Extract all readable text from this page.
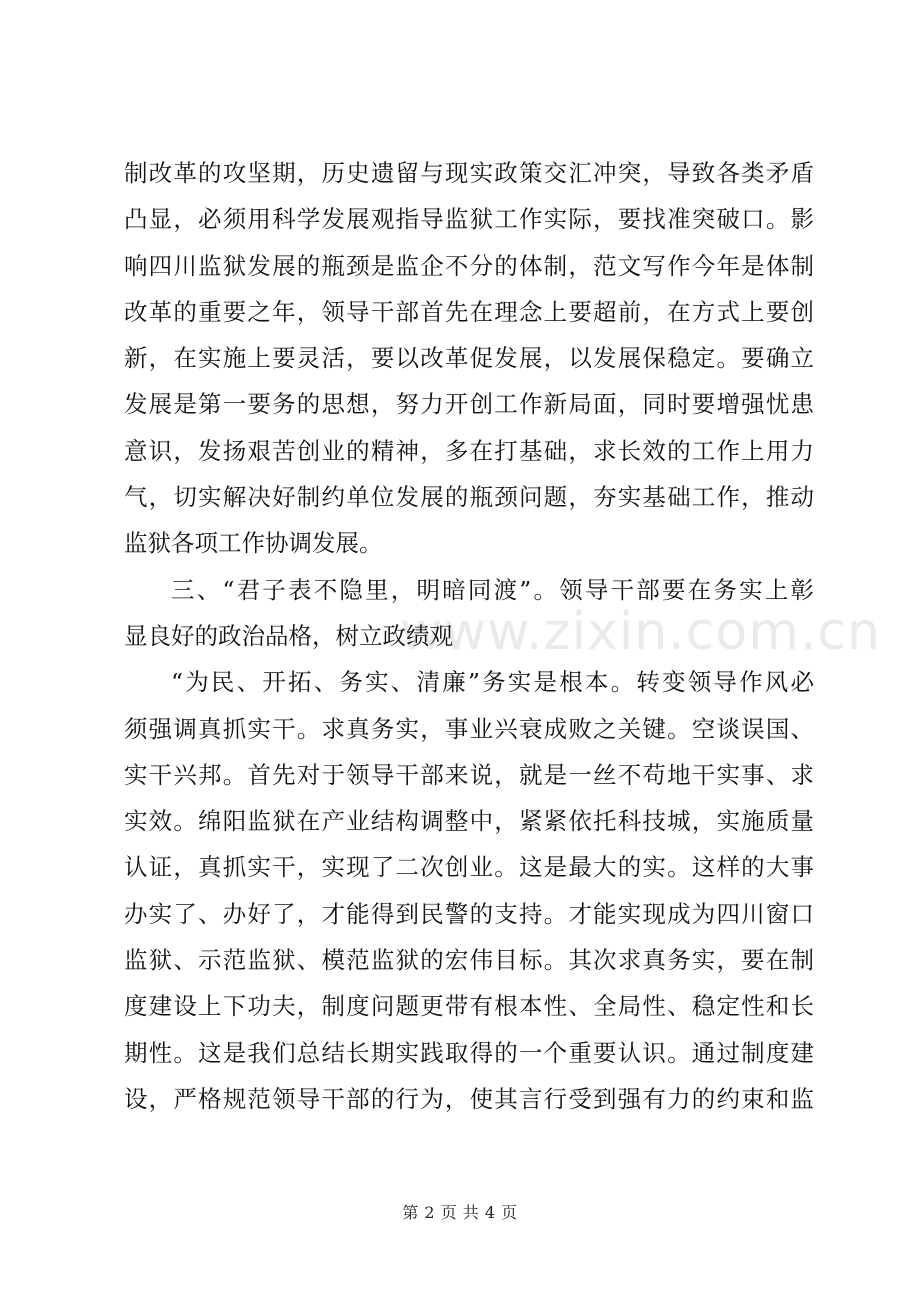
www.zixin.com.cn
制改革的攻坚期，历史遗留与现实政策交汇冲突，导致各类矛盾
凸显，必须用科学发展观指导监狱工作实际，要找准突破口。影
响四川监狱发展的瓶颈是监企不分的体制，范文写作今年是体制
改革的重要之年，领导干部首先在理念上要超前，在方式上要创
新，在实施上要灵活，要以改革促发展，以发展保稳定。要确立
发展是第一要务的思想，努力开创工作新局面，同时要增强忧患
意识，发扬艰苦创业的精神，多在打基础，求长效的工作上用力
气，切实解决好制约单位发展的瓶颈问题，夯实基础工作，推动
监狱各项工作协调发展。
三、“君子表不隐里，明暗同渡”。领导干部要在务实上彰
显良好的政治品格，树立政绩观
“为民、开拓、务实、清廉”务实是根本。转变领导作风必
须强调真抓实干。求真务实，事业兴衰成败之关键。空谈误国、
实干兴邦。首先对于领导干部来说，就是一丝不苟地干实事、求
实效。绵阳监狱在产业结构调整中，紧紧依托科技城，实施质量
认证，真抓实干，实现了二次创业。这是最大的实。这样的大事
办实了、办好了，才能得到民警的支持。才能实现成为四川窗口
监狱、示范监狱、模范监狱的宏伟目标。其次求真务实，要在制
度建设上下功夫，制度问题更带有根本性、全局性、稳定性和长
期性。这是我们总结长期实践取得的一个重要认识。通过制度建
设，严格规范领导干部的行为，使其言行受到强有力的约束和监
第 2 页 共 4 页
